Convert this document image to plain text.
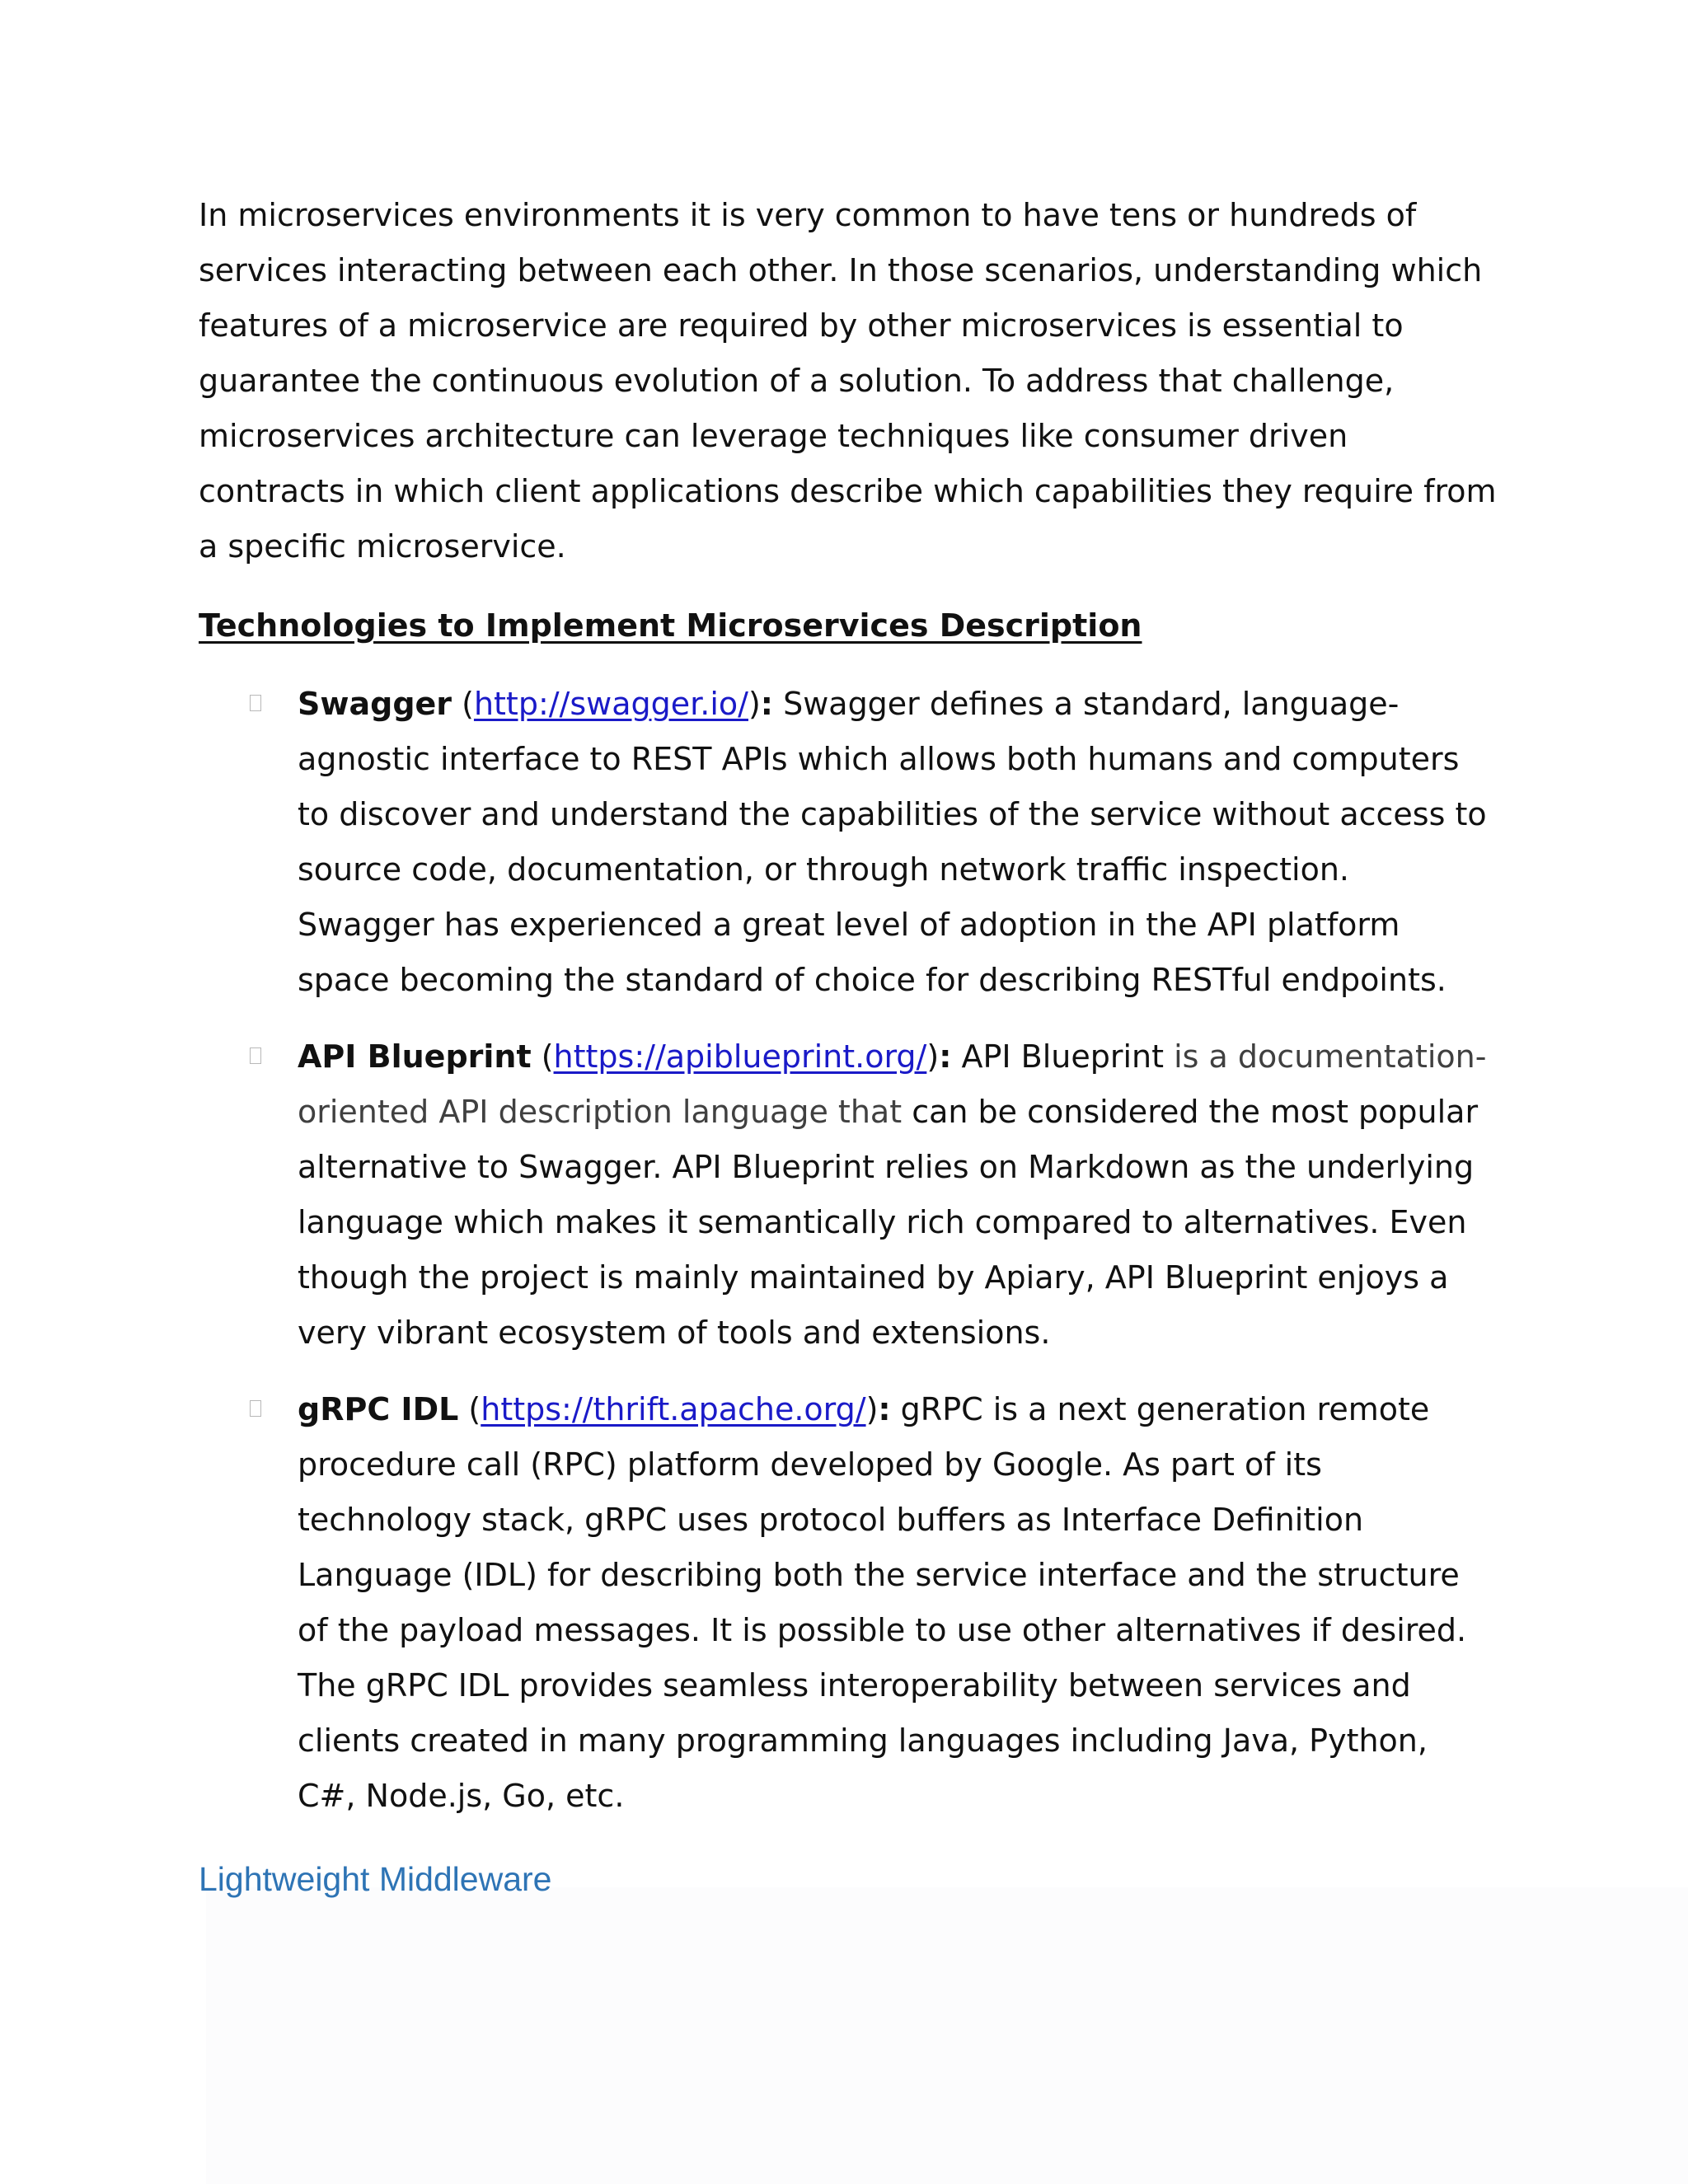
In microservices environments it is very common to have tens or hundreds of services interacting between each other. In those scenarios, understanding which features of a microservice are required by other microservices is essential to guarantee the continuous evolution of a solution. To address that challenge, microservices architecture can leverage techniques like consumer driven contracts in which client applications describe which capabilities they require from a specific microservice.

Technologies to Implement Microservices Description
Swagger (http://swagger.io/): Swagger defines a standard, language-agnostic interface to REST APIs which allows both humans and computers to discover and understand the capabilities of the service without access to source code, documentation, or through network traffic inspection. Swagger has experienced a great level of adoption in the API platform space becoming the standard of choice for describing RESTful endpoints.
API Blueprint (https://apiblueprint.org/): API Blueprint is a documentation-oriented API description language that can be considered the most popular alternative to Swagger. API Blueprint relies on Markdown as the underlying language which makes it semantically rich compared to alternatives. Even though the project is mainly maintained by Apiary, API Blueprint enjoys a very vibrant ecosystem of tools and extensions.
gRPC IDL (https://thrift.apache.org/): gRPC is a next generation remote procedure call (RPC) platform developed by Google. As part of its technology stack, gRPC uses protocol buffers as Interface Definition Language (IDL) for describing both the service interface and the structure of the payload messages. It is possible to use other alternatives if desired. The gRPC IDL provides seamless interoperability between services and clients created in many programming languages including Java, Python, C#, Node.js, Go, etc.
Lightweight Middleware
